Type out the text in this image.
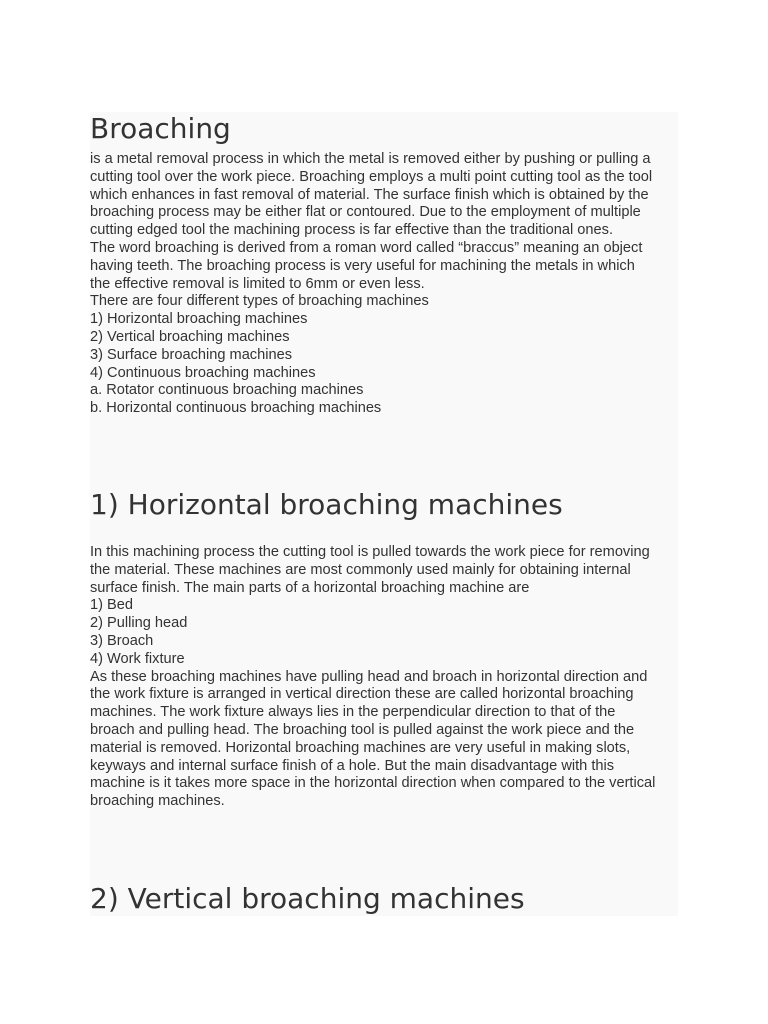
Broaching
is a metal removal process in which the metal is removed either by pushing or pulling a
cutting tool over the work piece. Broaching employs a multi point cutting tool as the tool
which enhances in fast removal of material. The surface finish which is obtained by the
broaching process may be either flat or contoured. Due to the employment of multiple
cutting edged tool the machining process is far effective than the traditional ones.
The word broaching is derived from a roman word called “braccus” meaning an object
having teeth. The broaching process is very useful for machining the metals in which
the effective removal is limited to 6mm or even less.
There are four different types of broaching machines
1) Horizontal broaching machines
2) Vertical broaching machines
3) Surface broaching machines
4) Continuous broaching machines
a. Rotator continuous broaching machines
b. Horizontal continuous broaching machines
1) Horizontal broaching machines
In this machining process the cutting tool is pulled towards the work piece for removing
the material. These machines are most commonly used mainly for obtaining internal
surface finish. The main parts of a horizontal broaching machine are
1) Bed
2) Pulling head
3) Broach
4) Work fixture
As these broaching machines have pulling head and broach in horizontal direction and
the work fixture is arranged in vertical direction these are called horizontal broaching
machines. The work fixture always lies in the perpendicular direction to that of the
broach and pulling head. The broaching tool is pulled against the work piece and the
material is removed. Horizontal broaching machines are very useful in making slots,
keyways and internal surface finish of a hole. But the main disadvantage with this
machine is it takes more space in the horizontal direction when compared to the vertical
broaching machines.
2) Vertical broaching machines
